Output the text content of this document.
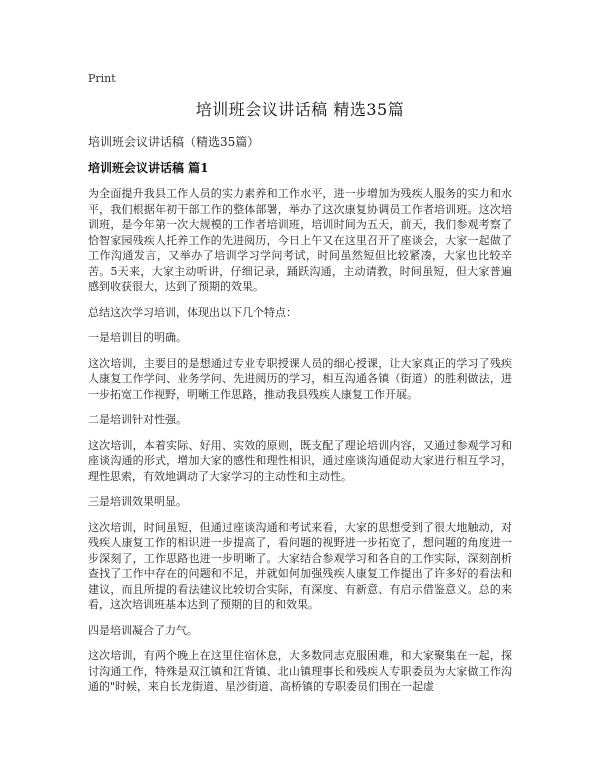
Print
培训班会议讲话稿 精选35篇

培训班会议讲话稿（精选35篇）

培训班会议讲话稿 篇1

为全面提升我县工作人员的实力素养和工作水平，进一步增加为残疾人服务的实力和水平，我们根据年初干部工作的整体部署，举办了这次康复协调员工作者培训班。这次培训班，是今年第一次大规模的工作者培训班，培训时间为五天，前天，我们参观考察了恰智家园残疾人托养工作的先进阅历，今日上午又在这里召开了座谈会，大家一起做了工作沟通发言，又举办了培训学习学问考试，时间虽然短但比较紧凑，大家也比较辛苦。5天来，大家主动听讲，仔细记录，踊跃沟通，主动请教，时间虽短，但大家普遍感到收获很大，达到了预期的效果。

总结这次学习培训，体现出以下几个特点：

一是培训目的明确。

这次培训，主要目的是想通过专业专职授课人员的细心授课，让大家真正的学习了残疾人康复工作学问、业务学问、先进阅历的学习，相互沟通各镇（街道）的胜利做法，进一步拓宽工作视野，明晰工作思路，推动我县残疾人康复工作开展。

二是培训针对性强。

这次培训，本着实际、好用、实效的原则，既支配了理论培训内容，又通过参观学习和座谈沟通的形式，增加大家的感性和理性相识，通过座谈沟通促动大家进行相互学习，理性思索，有效地调动了大家学习的主动性和主动性。

三是培训效果明显。

这次培训，时间虽短，但通过座谈沟通和考试来看，大家的思想受到了很大地触动，对残疾人康复工作的相识进一步提高了，看问题的视野进一步拓宽了，想问题的角度进一步深刻了，工作思路也进一步明晰了。大家结合参观学习和各自的工作实际，深刻剖析查找了工作中存在的问题和不足，并就如何加强残疾人康复工作提出了许多好的看法和建议，而且所提的看法建议比较切合实际，有深度、有新意、有启示借鉴意义。总的来看，这次培训班基本达到了预期的目的和效果。

四是培训凝合了力气。

这次培训，有两个晚上在这里住宿休息，大多数同志克服困难，和大家聚集在一起，探讨沟通工作，特殊是双江镇和江背镇、北山镇理事长和残疾人专职委员为大家做工作沟通的"时候，来自长龙街道、星沙街道、高桥镇的专职委员们围在一起虚
